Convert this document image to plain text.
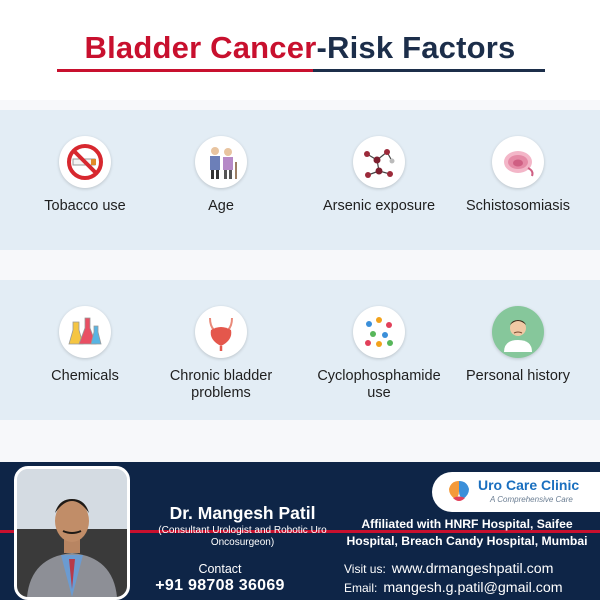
Bladder Cancer-Risk Factors
Tobacco use	Age	Arsenic exposure	Schistosomiasis
Chemicals	Chronic bladder problems
Cyclophosphamide use
Personal history
Dr. Mangesh Patil
(Consultant Urologist and Robotic Uro Oncosurgeon)
Contact
+91 98708 36069
Uro Care Clinic
A Comprehensive Care
Affiliated with HNRF Hospital, Saifee Hospital, Breach Candy Hospital, Mumbai
Visit us: www.drmangeshpatil.com
Email: mangesh.g.patil@gmail.com
